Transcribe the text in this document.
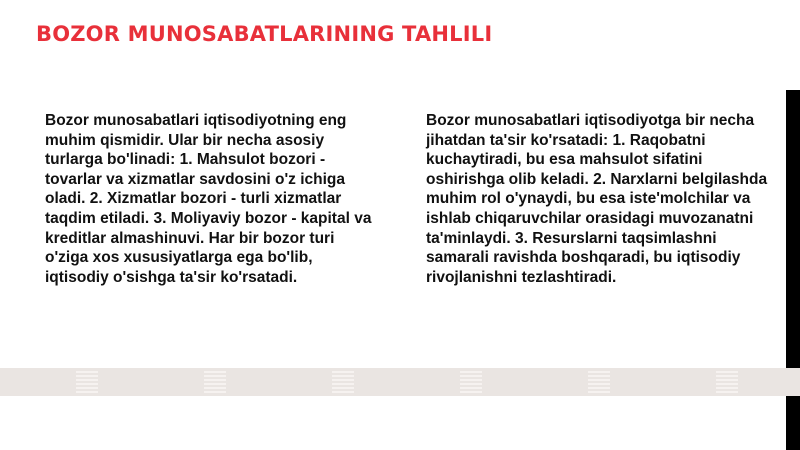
BOZOR MUNOSABATLARINING TAHLILI
Bozor munosabatlari iqtisodiyotning eng muhim qismidir. Ular bir necha asosiy turlarga bo'linadi: 1. Mahsulot bozori - tovarlar va xizmatlar savdosini o'z ichiga oladi. 2. Xizmatlar bozori - turli xizmatlar taqdim etiladi. 3. Moliyaviy bozor - kapital va kreditlar almashinuvi. Har bir bozor turi o'ziga xos xususiyatlarga ega bo'lib, iqtisodiy o'sishga ta'sir ko'rsatadi.
Bozor munosabatlari iqtisodiyotga bir necha jihatdan ta'sir ko'rsatadi: 1. Raqobatni kuchaytiradi, bu esa mahsulot sifatini oshirishga olib keladi. 2. Narxlarni belgilashda muhim rol o'ynaydi, bu esa iste'molchilar va ishlab chiqaruvchilar orasidagi muvozanatni ta'minlaydi. 3. Resurslarni taqsimlashni samarali ravishda boshqaradi, bu iqtisodiy rivojlanishni tezlashtiradi.
